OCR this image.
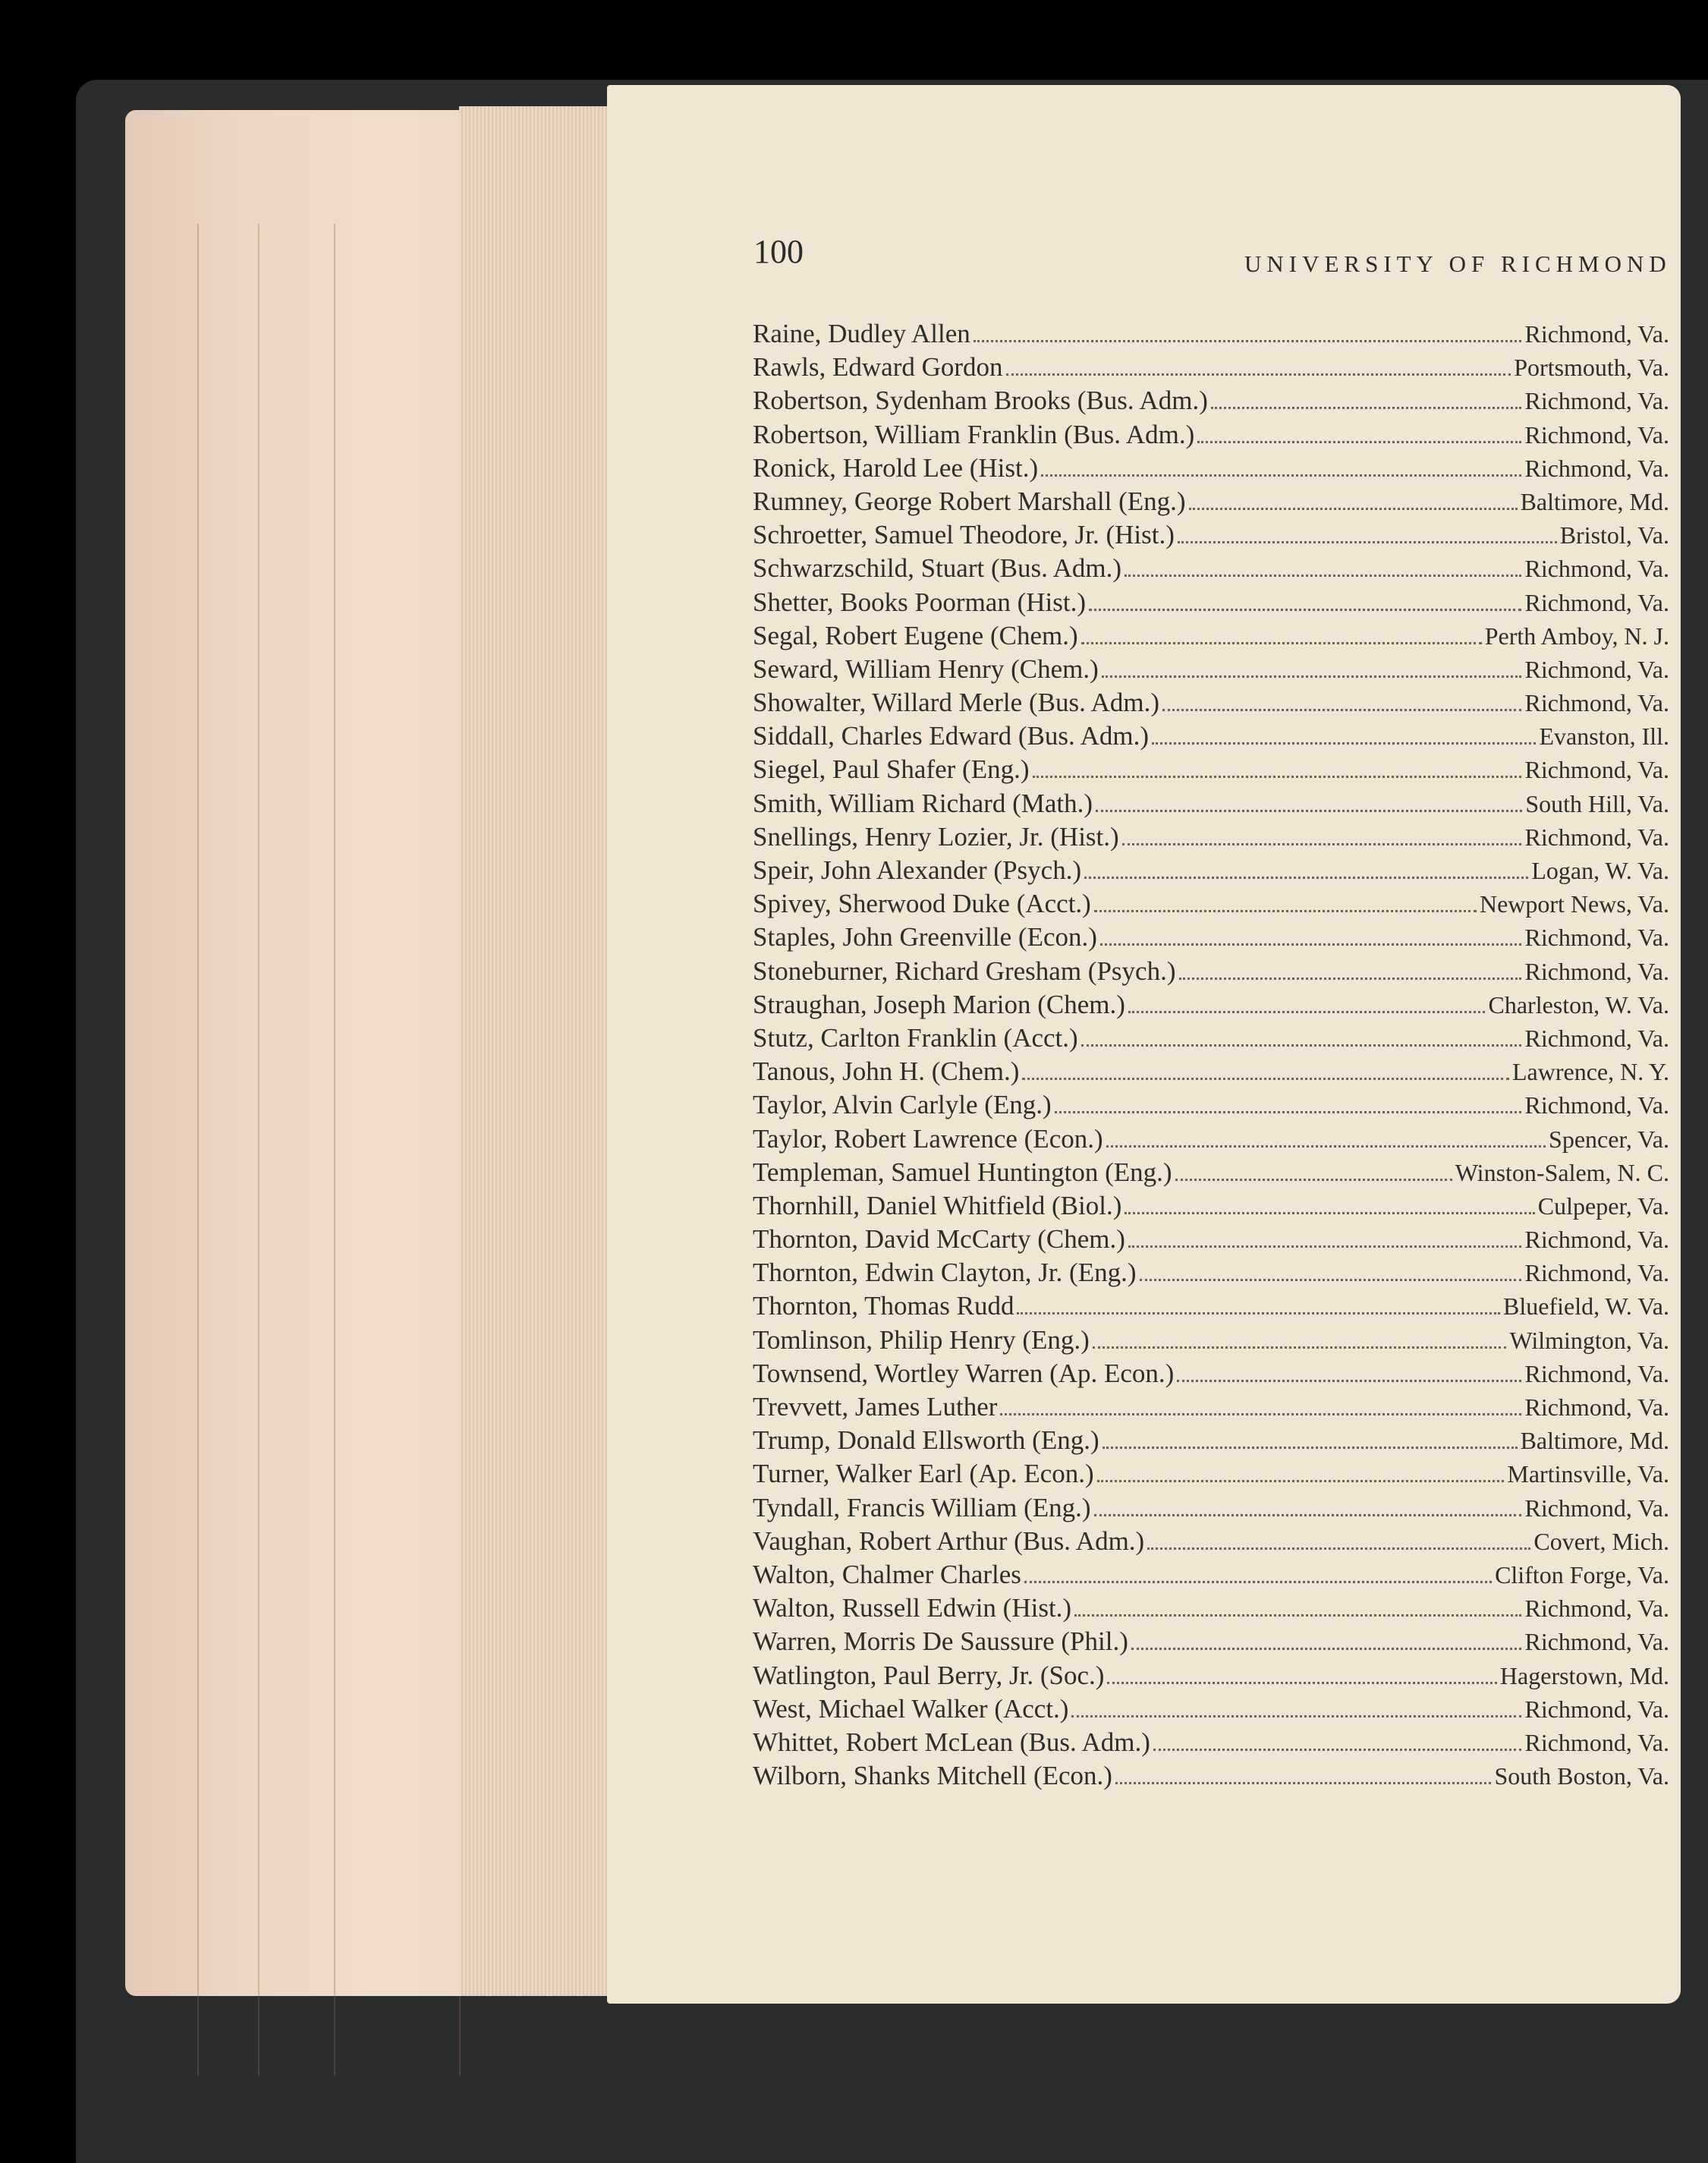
100	UNIVERSITY OF RICHMOND
Raine, Dudley Allen	Richmond, Va.
Rawls, Edward Gordon	Portsmouth, Va.
Robertson, Sydenham Brooks (Bus. Adm.)	Richmond, Va.
Robertson, William Franklin (Bus. Adm.)	Richmond, Va.
Ronick, Harold Lee (Hist.)	Richmond, Va.
Rumney, George Robert Marshall (Eng.)	Baltimore, Md.
Schroetter, Samuel Theodore, Jr. (Hist.)	Bristol, Va.
Schwarzschild, Stuart (Bus. Adm.)	Richmond, Va.
Shetter, Books Poorman (Hist.)	Richmond, Va.
Segal, Robert Eugene (Chem.)	Perth Amboy, N. J.
Seward, William Henry (Chem.)	Richmond, Va.
Showalter, Willard Merle (Bus. Adm.)	Richmond, Va.
Siddall, Charles Edward (Bus. Adm.)	Evanston, Ill.
Siegel, Paul Shafer (Eng.)	Richmond, Va.
Smith, William Richard (Math.)	South Hill, Va.
Snellings, Henry Lozier, Jr. (Hist.)	Richmond, Va.
Speir, John Alexander (Psych.)	Logan, W. Va.
Spivey, Sherwood Duke (Acct.)	Newport News, Va.
Staples, John Greenville (Econ.)	Richmond, Va.
Stoneburner, Richard Gresham (Psych.)	Richmond, Va.
Straughan, Joseph Marion (Chem.)	Charleston, W. Va.
Stutz, Carlton Franklin (Acct.)	Richmond, Va.
Tanous, John H. (Chem.)	Lawrence, N. Y.
Taylor, Alvin Carlyle (Eng.)	Richmond, Va.
Taylor, Robert Lawrence (Econ.)	Spencer, Va.
Templeman, Samuel Huntington (Eng.)	Winston-Salem, N. C.
Thornhill, Daniel Whitfield (Biol.)	Culpeper, Va.
Thornton, David McCarty (Chem.)	Richmond, Va.
Thornton, Edwin Clayton, Jr. (Eng.)	Richmond, Va.
Thornton, Thomas Rudd	Bluefield, W. Va.
Tomlinson, Philip Henry (Eng.)	Wilmington, Va.
Townsend, Wortley Warren (Ap. Econ.)	Richmond, Va.
Trevvett, James Luther	Richmond, Va.
Trump, Donald Ellsworth (Eng.)	Baltimore, Md.
Turner, Walker Earl (Ap. Econ.)	Martinsville, Va.
Tyndall, Francis William (Eng.)	Richmond, Va.
Vaughan, Robert Arthur (Bus. Adm.)	Covert, Mich.
Walton, Chalmer Charles	Clifton Forge, Va.
Walton, Russell Edwin (Hist.)	Richmond, Va.
Warren, Morris De Saussure (Phil.)	Richmond, Va.
Watlington, Paul Berry, Jr. (Soc.)	Hagerstown, Md.
West, Michael Walker (Acct.)	Richmond, Va.
Whittet, Robert McLean (Bus. Adm.)	Richmond, Va.
Wilborn, Shanks Mitchell (Econ.)	South Boston, Va.
